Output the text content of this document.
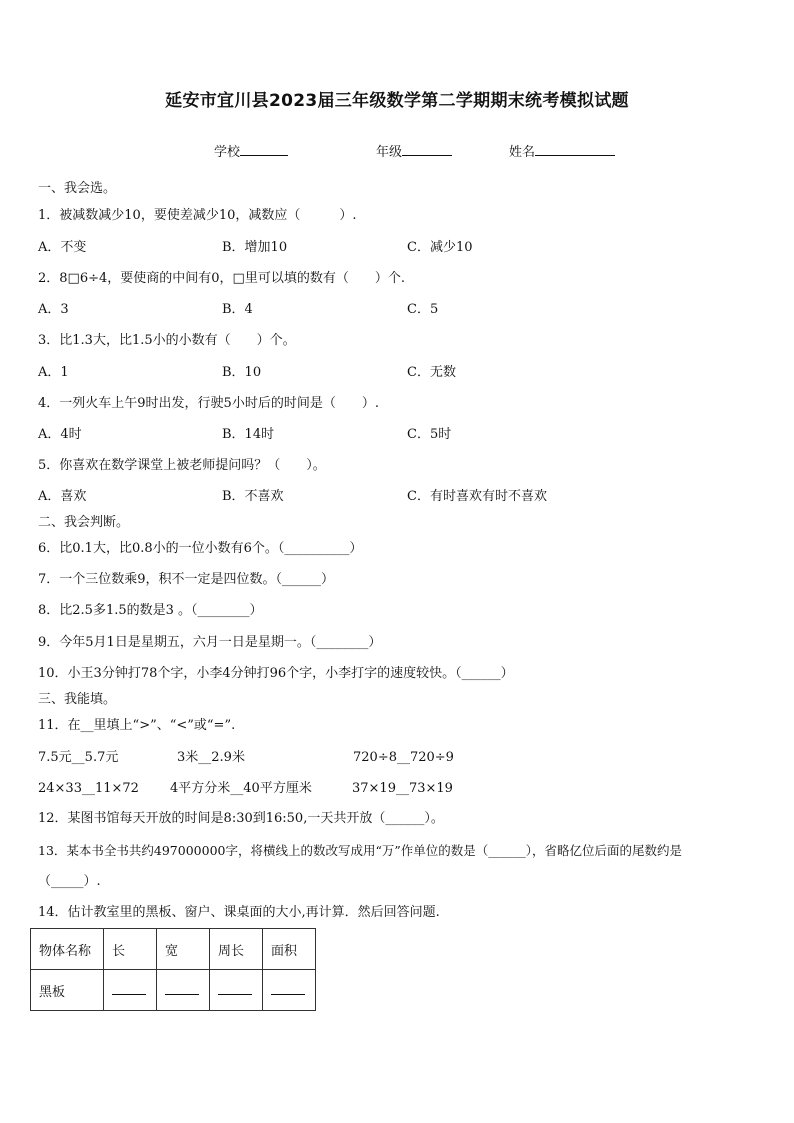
延安市宜川县2023届三年级数学第二学期期末统考模拟试题
学校	年级	姓名
一、我会选。
1．被减数减少10，要使差减少10，减数应（　　　）.
A．不变	B．增加10	C．减少10
2．8□6÷4，要使商的中间有0，□里可以填的数有（　　）个.
A．3	B．4	C．5
3．比1.3大，比1.5小的小数有（　　）个。
A．1	B．10	C．无数
4．一列火车上午9时出发，行驶5小时后的时间是（　　）.
A．4时	B．14时	C．5时
5．你喜欢在数学课堂上被老师提问吗？（　　）。
A．喜欢	B．不喜欢	C．有时喜欢有时不喜欢
二、我会判断。
6．比0.1大，比0.8小的一位小数有6个。（__________）
7．一个三位数乘9，积不一定是四位数。（______）
8．比2.5多1.5的数是3 。（________）
9．今年5月1日是星期五，六月一日是星期一。（________）
10．小王3分钟打78个字，小李4分钟打96个字，小李打字的速度较快。（______）
三、我能填。
11．在__里填上“>”、“<”或“=”.
7.5元__5.7元	3米__2.9米	720÷8__720÷9
24×33__11×72 4平方分米__40平方厘米	37×19__73×19
12．某图书馆每天开放的时间是8:30到16:50,一天共开放（______）。
13．某本书全书共约497000000字，将横线上的数改写成用“万”作单位的数是（______），省略亿位后面的尾数约是
（_____）.
14．估计教室里的黑板、窗户、课桌面的大小,再计算．然后回答问题.
物体名称	长	宽	周长	面积
黑板				
